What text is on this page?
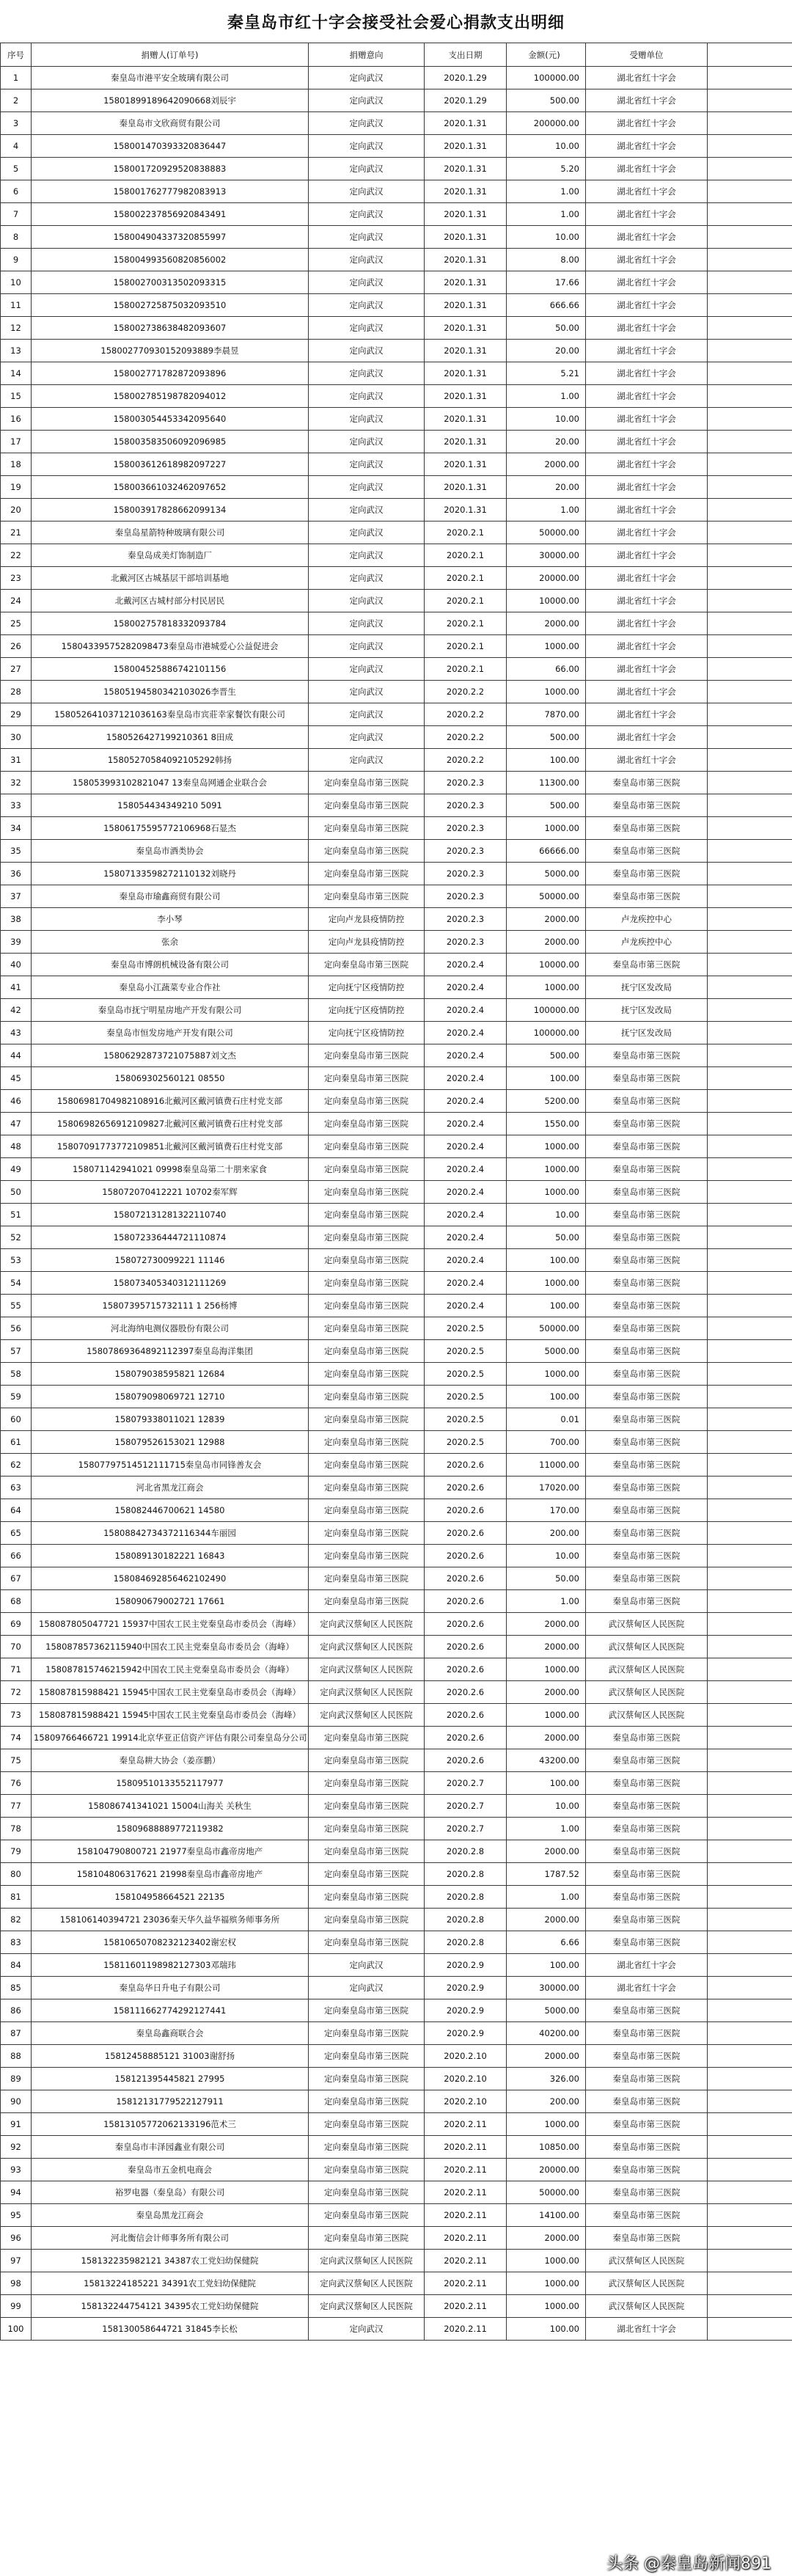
秦皇岛市红十字会接受社会爱心捐款支出明细
序号	捐赠人(订单号)	捐赠意向	支出日期	金额(元)	受赠单位	
1	秦皇岛市港平安全玻璃有限公司	定向武汉	2020.1.29	100000.00	湖北省红十字会	
2	15801899189642090668刘辰宇	定向武汉	2020.1.29	500.00	湖北省红十字会	
3	秦皇岛市文欣商贸有限公司	定向武汉	2020.1.31	200000.00	湖北省红十字会	
4	158001470393320836447	定向武汉	2020.1.31	10.00	湖北省红十字会	
5	158001720929520838883	定向武汉	2020.1.31	5.20	湖北省红十字会	
6	158001762777982083913	定向武汉	2020.1.31	1.00	湖北省红十字会	
7	158002237856920843491	定向武汉	2020.1.31	1.00	湖北省红十字会	
8	158004904337320855997	定向武汉	2020.1.31	10.00	湖北省红十字会	
9	158004993560820856002	定向武汉	2020.1.31	8.00	湖北省红十字会	
10	158002700313502093315	定向武汉	2020.1.31	17.66	湖北省红十字会	
11	158002725875032093510	定向武汉	2020.1.31	666.66	湖北省红十字会	
12	158002738638482093607	定向武汉	2020.1.31	50.00	湖北省红十字会	
13	158002770930152093889李晨昱	定向武汉	2020.1.31	20.00	湖北省红十字会	
14	158002771782872093896	定向武汉	2020.1.31	5.21	湖北省红十字会	
15	158002785198782094012	定向武汉	2020.1.31	1.00	湖北省红十字会	
16	158003054453342095640	定向武汉	2020.1.31	10.00	湖北省红十字会	
17	158003583506092096985	定向武汉	2020.1.31	20.00	湖北省红十字会	
18	158003612618982097227	定向武汉	2020.1.31	2000.00	湖北省红十字会	
19	158003661032462097652	定向武汉	2020.1.31	20.00	湖北省红十字会	
20	158003917828662099134	定向武汉	2020.1.31	1.00	湖北省红十字会	
21	秦皇岛星箭特种玻璃有限公司	定向武汉	2020.2.1	50000.00	湖北省红十字会	
22	秦皇岛成美灯饰制造厂	定向武汉	2020.2.1	30000.00	湖北省红十字会	
23	北戴河区古城基层干部培训基地	定向武汉	2020.2.1	20000.00	湖北省红十字会	
24	北戴河区古城村部分村民居民	定向武汉	2020.2.1	10000.00	湖北省红十字会	
25	158002757818332093784	定向武汉	2020.2.1	2000.00	湖北省红十字会	
26	15804339575282098473秦皇岛市港城爱心公益促进会	定向武汉	2020.2.1	1000.00	湖北省红十字会	
27	158004525886742101156	定向武汉	2020.2.1	66.00	湖北省红十字会	
28	15805194580342103026李晋生	定向武汉	2020.2.2	1000.00	湖北省红十字会	
29	158052641037121036163秦皇岛市宾莊幸家餐饮有限公司	定向武汉	2020.2.2	7870.00	湖北省红十字会	
30	1580526427199210361 8田成	定向武汉	2020.2.2	500.00	湖北省红十字会	
31	15805270584092105292韩扬	定向武汉	2020.2.2	100.00	湖北省红十字会	
32	158053993102821047 13秦皇岛网通企业联合会	定向秦皇岛市第三医院	2020.2.3	11300.00	秦皇岛市第三医院	
33	158054434349210 5091	定向秦皇岛市第三医院	2020.2.3	500.00	秦皇岛市第三医院	
34	15806175595772106968石显杰	定向秦皇岛市第三医院	2020.2.3	1000.00	秦皇岛市第三医院	
35	秦皇岛市酒类协会	定向秦皇岛市第三医院	2020.2.3	66666.00	秦皇岛市第三医院	
36	15807133598272110132刘晓丹	定向秦皇岛市第三医院	2020.2.3	5000.00	秦皇岛市第三医院	
37	秦皇岛市瑜鑫商贸有限公司	定向秦皇岛市第三医院	2020.2.3	50000.00	秦皇岛市第三医院	
38	李小琴	定向卢龙县疫情防控	2020.2.3	2000.00	卢龙疾控中心	
39	张余	定向卢龙县疫情防控	2020.2.3	2000.00	卢龙疾控中心	
40	秦皇岛市博朗机械设备有限公司	定向秦皇岛市第三医院	2020.2.4	10000.00	秦皇岛市第三医院	
41	秦皇岛小江蔬菜专业合作社	定向抚宁区疫情防控	2020.2.4	1000.00	抚宁区发改局	
42	秦皇岛市抚宁明星房地产开发有限公司	定向抚宁区疫情防控	2020.2.4	100000.00	抚宁区发改局	
43	秦皇岛市恒发房地产开发有限公司	定向抚宁区疫情防控	2020.2.4	100000.00	抚宁区发改局	
44	15806292873721075887刘文杰	定向秦皇岛市第三医院	2020.2.4	500.00	秦皇岛市第三医院	
45	158069302560121 08550	定向秦皇岛市第三医院	2020.2.4	100.00	秦皇岛市第三医院	
46	15806981704982108916北戴河区戴河镇费石庄村党支部	定向秦皇岛市第三医院	2020.2.4	5200.00	秦皇岛市第三医院	
47	15806982656912109827北戴河区戴河镇费石庄村党支部	定向秦皇岛市第三医院	2020.2.4	1550.00	秦皇岛市第三医院	
48	15807091773772109851北戴河区戴河镇费石庄村党支部	定向秦皇岛市第三医院	2020.2.4	1000.00	秦皇岛市第三医院	
49	158071142941021 09998秦皇岛第二十朋来家食	定向秦皇岛市第三医院	2020.2.4	1000.00	秦皇岛市第三医院	
50	158072070412221 10702秦军辉	定向秦皇岛市第三医院	2020.2.4	1000.00	秦皇岛市第三医院	
51	158072131281322110740	定向秦皇岛市第三医院	2020.2.4	10.00	秦皇岛市第三医院	
52	158072336444721110874	定向秦皇岛市第三医院	2020.2.4	50.00	秦皇岛市第三医院	
53	158072730099221 11146	定向秦皇岛市第三医院	2020.2.4	100.00	秦皇岛市第三医院	
54	158073405340312111269	定向秦皇岛市第三医院	2020.2.4	1000.00	秦皇岛市第三医院	
55	15807395715732111 1 256杨博	定向秦皇岛市第三医院	2020.2.4	100.00	秦皇岛市第三医院	
56	河北海纳电测仪器股份有限公司	定向秦皇岛市第三医院	2020.2.5	50000.00	秦皇岛市第三医院	
57	15807869364892112397秦皇岛海洋集团	定向秦皇岛市第三医院	2020.2.5	5000.00	秦皇岛市第三医院	
58	158079038595821 12684	定向秦皇岛市第三医院	2020.2.5	1000.00	秦皇岛市第三医院	
59	158079098069721 12710	定向秦皇岛市第三医院	2020.2.5	100.00	秦皇岛市第三医院	
60	158079338011021 12839	定向秦皇岛市第三医院	2020.2.5	0.01	秦皇岛市第三医院	
61	158079526153021 12988	定向秦皇岛市第三医院	2020.2.5	700.00	秦皇岛市第三医院	
62	15807797514512111715秦皇岛市同锋善友会	定向秦皇岛市第三医院	2020.2.6	11000.00	秦皇岛市第三医院	
63	河北省黑龙江商会	定向秦皇岛市第三医院	2020.2.6	17020.00	秦皇岛市第三医院	
64	158082446700621 14580	定向秦皇岛市第三医院	2020.2.6	170.00	秦皇岛市第三医院	
65	15808842734372116344车丽园	定向秦皇岛市第三医院	2020.2.6	200.00	秦皇岛市第三医院	
66	158089130182221 16843	定向秦皇岛市第三医院	2020.2.6	10.00	秦皇岛市第三医院	
67	158084692856462102490	定向秦皇岛市第三医院	2020.2.6	50.00	秦皇岛市第三医院	
68	158090679002721 17661	定向秦皇岛市第三医院	2020.2.6	1.00	秦皇岛市第三医院	
69	158087805047721 15937中国农工民主党秦皇岛市委员会（海峰）	定向武汉蔡甸区人民医院	2020.2.6	2000.00	武汉蔡甸区人民医院	
70	158087857362115940中国农工民主党秦皇岛市委员会（海峰）	定向武汉蔡甸区人民医院	2020.2.6	2000.00	武汉蔡甸区人民医院	
71	158087815746215942中国农工民主党秦皇岛市委员会（海峰）	定向武汉蔡甸区人民医院	2020.2.6	1000.00	武汉蔡甸区人民医院	
72	158087815988421 15945中国农工民主党秦皇岛市委员会（海峰）	定向武汉蔡甸区人民医院	2020.2.6	2000.00	武汉蔡甸区人民医院	
73	158087815988421 15945中国农工民主党秦皇岛市委员会（海峰）	定向武汉蔡甸区人民医院	2020.2.6	1000.00	武汉蔡甸区人民医院	
74	15809766466721 19914北京华亚正信资产评估有限公司秦皇岛分公司	定向秦皇岛市第三医院	2020.2.6	2000.00	秦皇岛市第三医院	
75	秦皇岛耕大协会（姜彦鹏）	定向秦皇岛市第三医院	2020.2.6	43200.00	秦皇岛市第三医院	
76	15809510133552117977	定向秦皇岛市第三医院	2020.2.7	100.00	秦皇岛市第三医院	
77	158086741341021 15004山海关 关秋生	定向秦皇岛市第三医院	2020.2.7	10.00	秦皇岛市第三医院	
78	15809688889772119382	定向秦皇岛市第三医院	2020.2.7	1.00	秦皇岛市第三医院	
79	158104790800721 21977秦皇岛市鑫帝房地产	定向秦皇岛市第三医院	2020.2.8	2000.00	秦皇岛市第三医院	
80	158104806317621 21998秦皇岛市鑫帝房地产	定向秦皇岛市第三医院	2020.2.8	1787.52	秦皇岛市第三医院	
81	158104958664521 22135	定向秦皇岛市第三医院	2020.2.8	1.00	秦皇岛市第三医院	
82	158106140394721 23036秦天华久益华福殡务师事务所	定向秦皇岛市第三医院	2020.2.8	2000.00	秦皇岛市第三医院	
83	15810650708232123402谢宏权	定向秦皇岛市第三医院	2020.2.8	6.66	秦皇岛市第三医院	
84	15811601198982127303邓瑞玮	定向武汉	2020.2.9	100.00	湖北省红十字会	
85	秦皇岛华日升电子有限公司	定向武汉	2020.2.9	30000.00	湖北省红十字会	
86	158111662774292127441	定向秦皇岛市第三医院	2020.2.9	5000.00	秦皇岛市第三医院	
87	秦皇岛鑫商联合会	定向秦皇岛市第三医院	2020.2.9	40200.00	秦皇岛市第三医院	
88	15812458885121 31003谢舒扬	定向秦皇岛市第三医院	2020.2.10	2000.00	秦皇岛市第三医院	
89	158121395445821 27995	定向秦皇岛市第三医院	2020.2.10	326.00	秦皇岛市第三医院	
90	15812131779522127911	定向秦皇岛市第三医院	2020.2.10	200.00	秦皇岛市第三医院	
91	15813105772062133196范术三	定向秦皇岛市第三医院	2020.2.11	1000.00	秦皇岛市第三医院	
92	秦皇岛市丰泽园鑫业有限公司	定向秦皇岛市第三医院	2020.2.11	10850.00	秦皇岛市第三医院	
93	秦皇岛市五金机电商会	定向秦皇岛市第三医院	2020.2.11	20000.00	秦皇岛市第三医院	
94	裕罗电器（秦皇岛）有限公司	定向秦皇岛市第三医院	2020.2.11	50000.00	秦皇岛市第三医院	
95	秦皇岛黑龙江商会	定向秦皇岛市第三医院	2020.2.11	14100.00	秦皇岛市第三医院	
96	河北衡信会计师事务所有限公司	定向秦皇岛市第三医院	2020.2.11	2000.00	秦皇岛市第三医院	
97	158132235982121 34387农工党妇幼保健院	定向武汉蔡甸区人民医院	2020.2.11	1000.00	武汉蔡甸区人民医院	
98	15813224185221 34391农工党妇幼保健院	定向武汉蔡甸区人民医院	2020.2.11	1000.00	武汉蔡甸区人民医院	
99	158132244754121 34395农工党妇幼保健院	定向武汉蔡甸区人民医院	2020.2.11	1000.00	武汉蔡甸区人民医院	
100	158130058644721 31845李长松	定向武汉	2020.2.11	100.00	湖北省红十字会	
头条 @秦皇岛新闻891
